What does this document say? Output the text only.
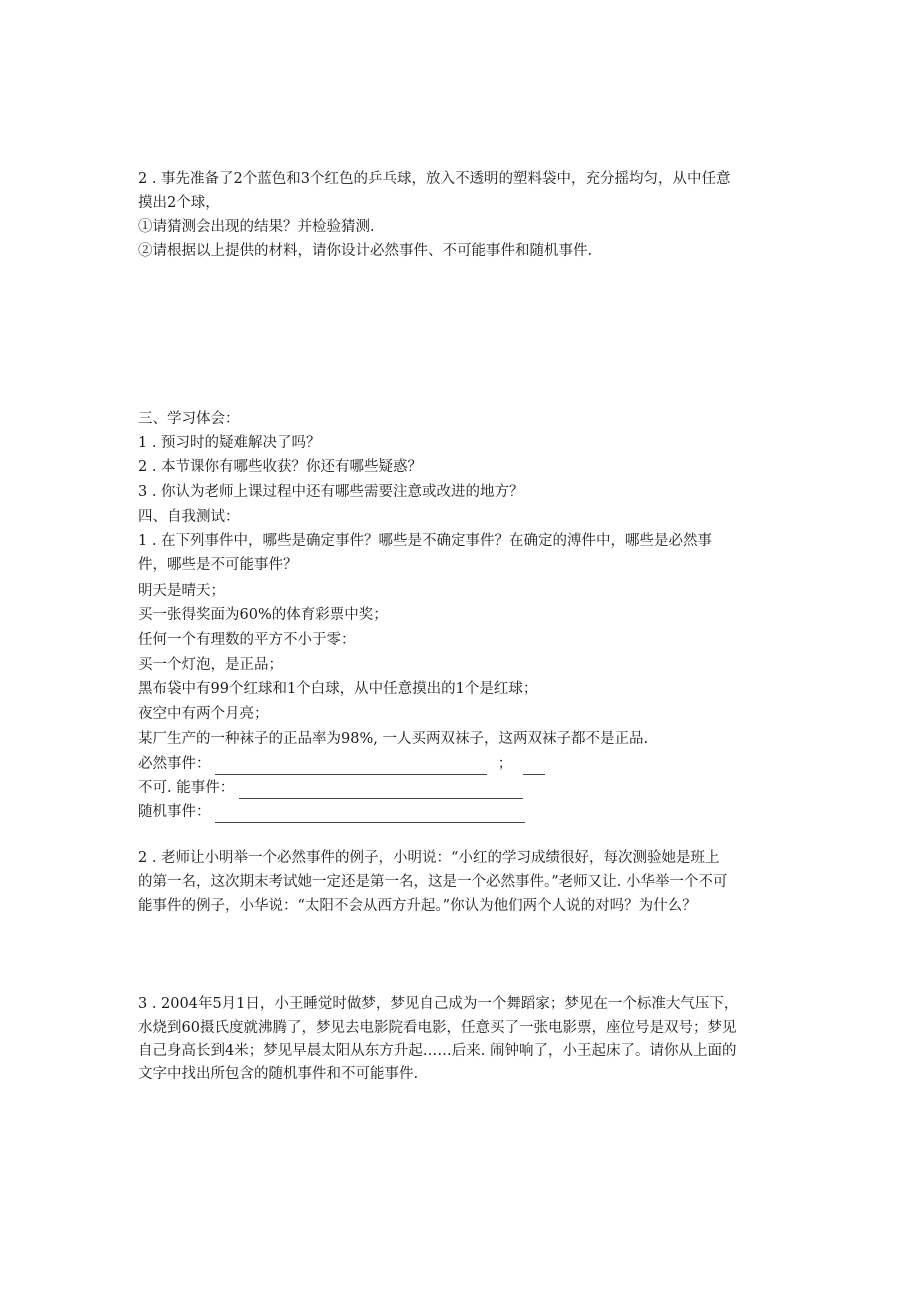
2 . 事先准备了2个蓝色和3个红色的乒乓球，放入不透明的塑料袋中，充分摇均匀，从中任意
摸出2个球，
①请猜测会出现的结果？并检验猜测.
②请根据以上提供的材料，请你设计必然事件、不可能事件和随机事件.
三、学习体会：
1 . 预习时的疑难解决了吗？
2 . 本节课你有哪些收获？你还有哪些疑惑？
3 . 你认为老师上课过程中还有哪些需要注意或改进的地方？
四、自我测试：
1 . 在下列事件中，哪些是确定事件？哪些是不确定事件？在确定的溥件中，哪些是必然事
件，哪些是不可能事件？
明天是晴天；
买一张得奖面为60%的体育彩票中奖；
任何一个有理数的平方不小于零：
买一个灯泡，是正品；
黑布袋中有99个红球和1个白球，从中任意摸出的1个是红球；
夜空中有两个月亮；
某厂生产的一种袜子的正品率为98%, 一人买两双袜子，这两双袜子都不是正品.
必然事件：	；
不可. 能事件：
随机事件：
2 . 老师让小明举一个必然事件的例子，小明说：“小红的学习成绩很好，每次测验她是班上
的第一名，这次期末考试她一定还是第一名，这是一个必然事件。”老师又让. 小华举一个不可
能事件的例子，小华说：“太阳不会从西方升起。”你认为他们两个人说的对吗？为什么？
3 . 2004年5月1日，小王睡觉时做梦，梦见自己成为一个舞蹈家；梦见在一个标准大气压下，
水烧到60摄氏度就沸腾了，梦见去电影院看电影，任意买了一张电影票，座位号是双号；梦见
自己身高长到4米；梦见早晨太阳从东方升起……后来. 闹钟响了，小王起床了。请你从上面的
文字中找出所包含的随机事件和不可能事件.
